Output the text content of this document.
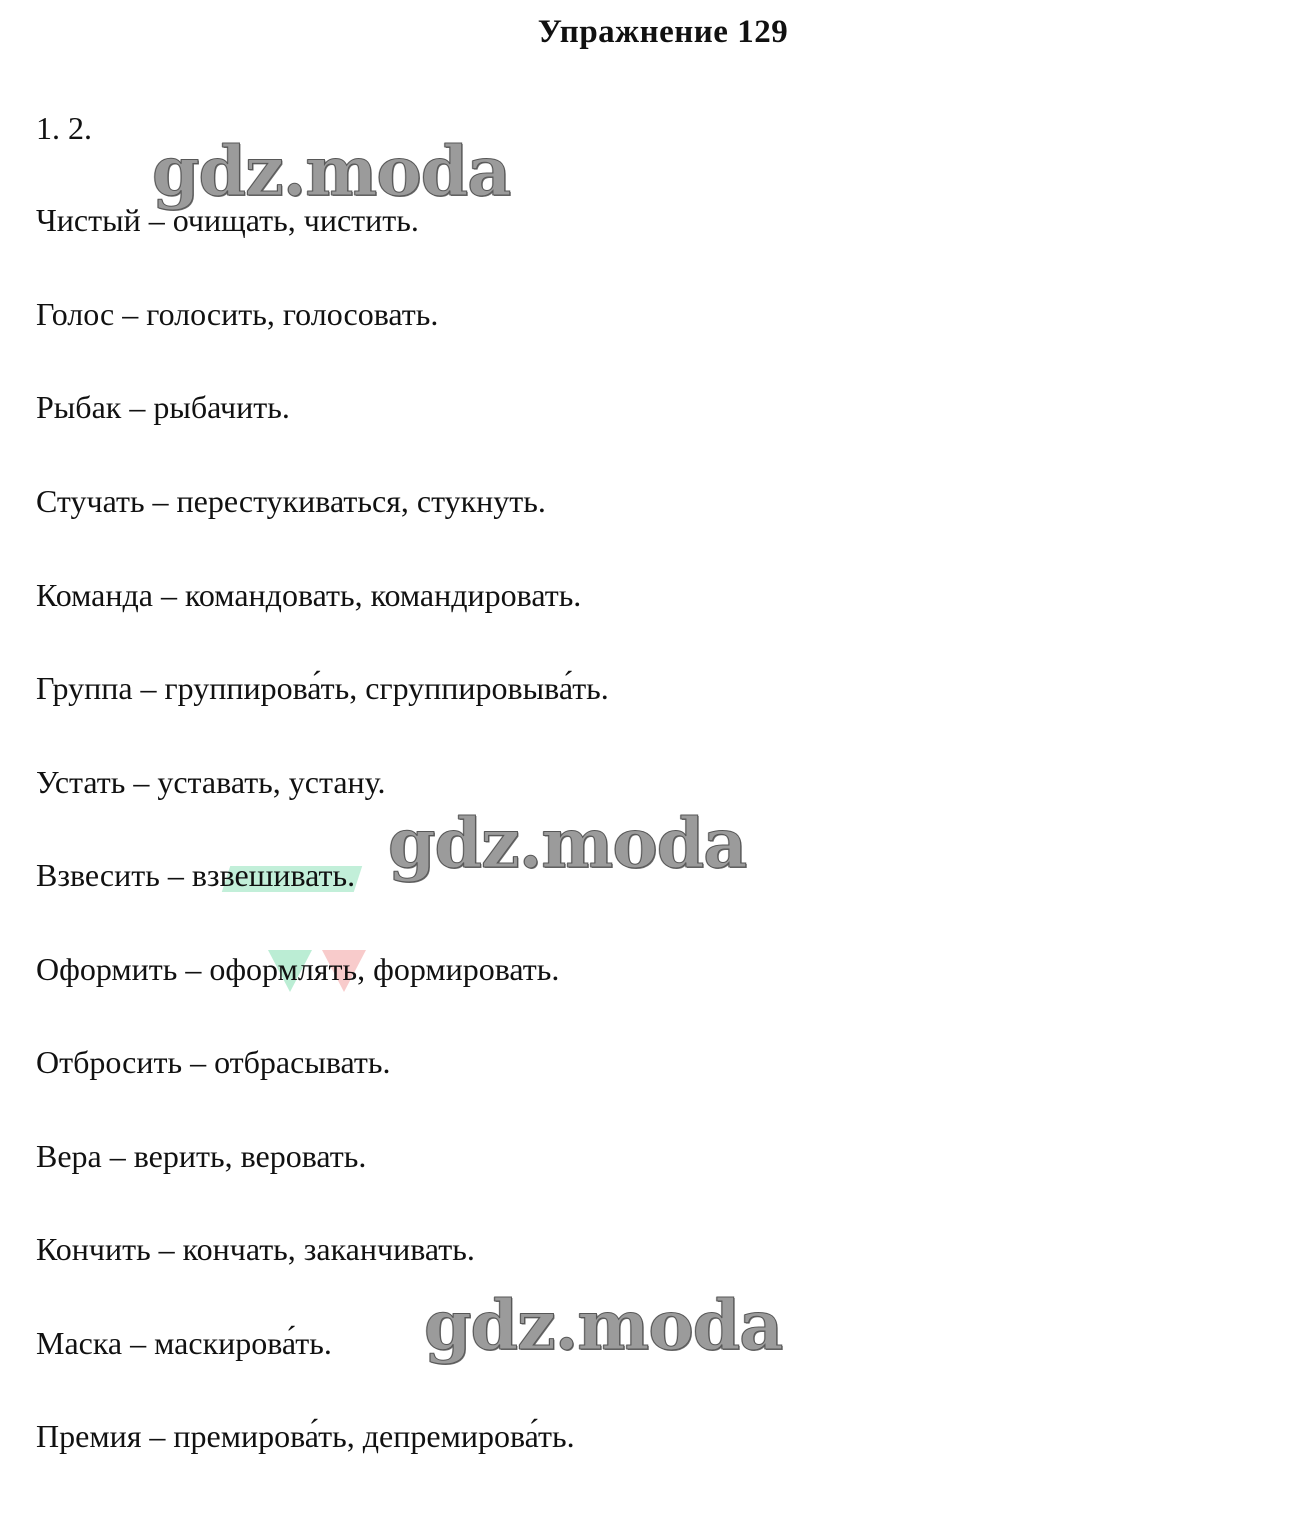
Упражнение 129
1. 2.
Чистый – очищать, чистить.
Голос – голосить, голосовать.
Рыбак – рыбачить.
Стучать – перестукиваться, стукнуть.
Команда – командовать, командировать.
Группа – группирова́ть, сгруппировыва́ть.
Устать – уставать, устану.
Взвесить – взвешивать.
Оформить – оформлять, формировать.
Отбросить – отбрасывать.
Вера – верить, веровать.
Кончить – кончать, заканчивать.
Маска – маскирова́ть.
Премия – премирова́ть, депремирова́ть.
gdz.moda
gdz.moda
gdz.moda
